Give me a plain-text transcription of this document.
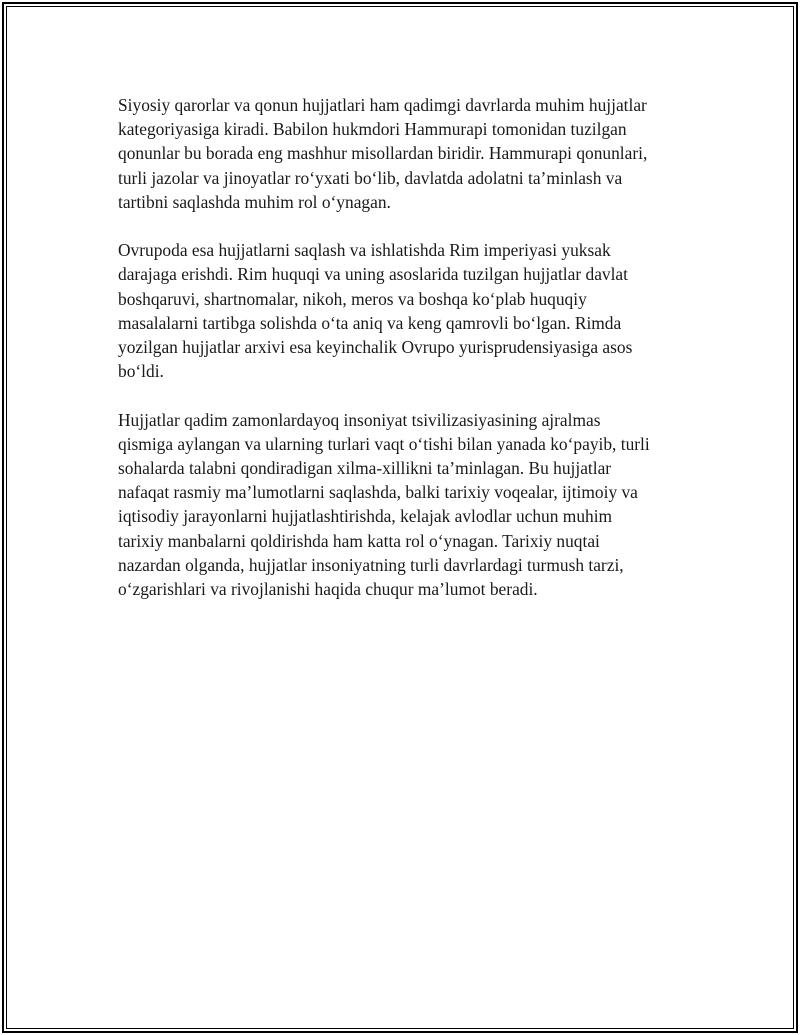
Siyosiy qarorlar va qonun hujjatlari ham qadimgi davrlarda muhim hujjatlar
kategoriyasiga kiradi. Babilon hukmdori Hammurapi tomonidan tuzilgan
qonunlar bu borada eng mashhur misollardan biridir. Hammurapi qonunlari,
turli jazolar va jinoyatlar ro‘yxati bo‘lib, davlatda adolatni ta’minlash va
tartibni saqlashda muhim rol o‘ynagan.

Ovrupoda esa hujjatlarni saqlash va ishlatishda Rim imperiyasi yuksak
darajaga erishdi. Rim huquqi va uning asoslarida tuzilgan hujjatlar davlat
boshqaruvi, shartnomalar, nikoh, meros va boshqa ko‘plab huquqiy
masalalarni tartibga solishda o‘ta aniq va keng qamrovli bo‘lgan. Rimda
yozilgan hujjatlar arxivi esa keyinchalik Ovrupo yurisprudensiyasiga asos
bo‘ldi.

Hujjatlar qadim zamonlardayoq insoniyat tsivilizasiyasining ajralmas
qismiga aylangan va ularning turlari vaqt o‘tishi bilan yanada ko‘payib, turli
sohalarda talabni qondiradigan xilma-xillikni ta’minlagan. Bu hujjatlar
nafaqat rasmiy ma’lumotlarni saqlashda, balki tarixiy voqealar, ijtimoiy va
iqtisodiy jarayonlarni hujjatlashtirishda, kelajak avlodlar uchun muhim
tarixiy manbalarni qoldirishda ham katta rol o‘ynagan. Tarixiy nuqtai
nazardan olganda, hujjatlar insoniyatning turli davrlardagi turmush tarzi,
o‘zgarishlari va rivojlanishi haqida chuqur ma’lumot beradi.
